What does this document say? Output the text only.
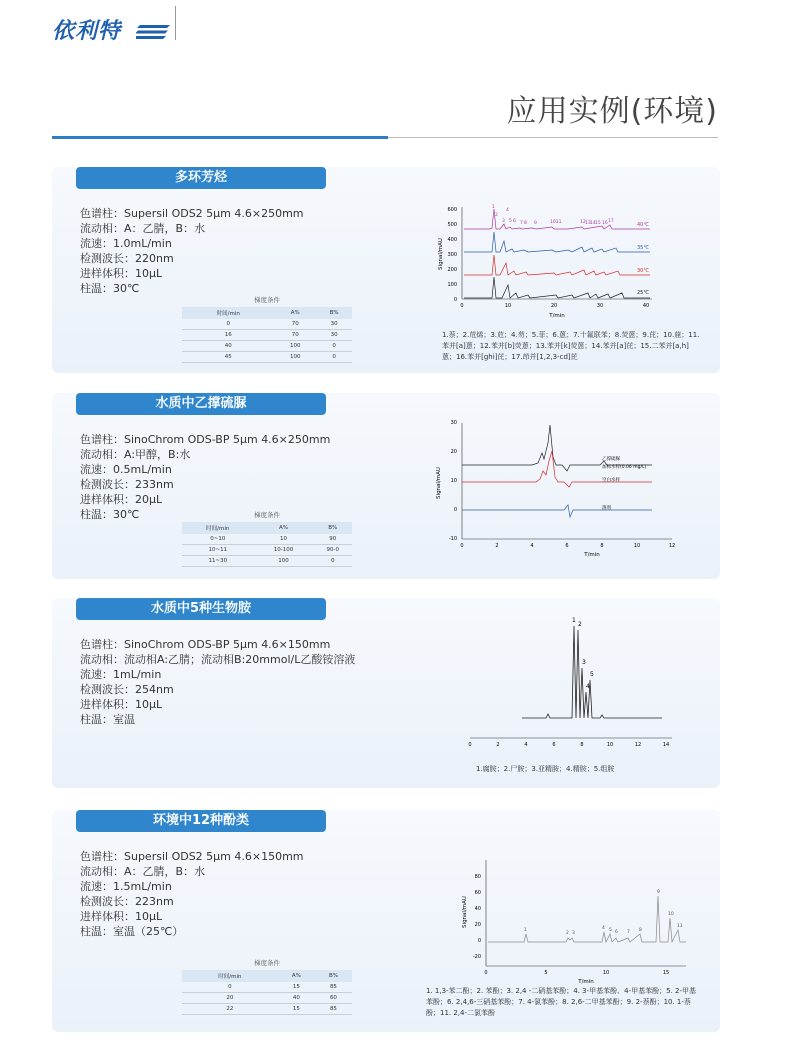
依利特
应用实例(环境)
多环芳烃
色谱柱：Supersil ODS2 5μm 4.6×250mm
流动相：A：乙腈，B：水
流速：1.0mL/min
检测波长：220nm
进样体积：10μL
柱温：30℃
梯度条件
时间/min	A%	B%
0	70	30
16	70	30
40	100	0
45	100	0
0
100
200
300
400
500
600
0	10	20	30	40
T/min
Signal/mAU
40℃
35℃
30℃
25℃
1
2
3
4
5 6 7 8 9	1011	12 13 14 15 16 17
1.萘；2.苊烯；3.苊；4.芴；5.菲；6.蒽；7.十氟联苯；8.荧蒽；9.芘；10.䓛；11.苯并[a]蒽；12.苯并[b]荧蒽；13.苯并[k]荧蒽；14.苯并[a]芘；15.二苯并[a,h]蒽；16.苯并[ghi]芘；17.茚并[1,2,3-cd]芘
水质中乙撑硫脲
色谱柱：SinoChrom ODS-BP 5μm 4.6×250mm
流动相：A:甲醇，B:水
流速：0.5mL/min
检测波长：233nm
进样体积：20μL
柱温：30℃	梯度条件
时间/min	A%	B%
0~10	10	90
10~11	10-100	90-0
11~30	100	0
-10
0
10
20
30
0	2	4	6	8	10	12
T/min
Signal/mAU
乙撑硫脲
加标水样(0.06 mg/L)
空白水样
溶剂
水质中5种生物胺
色谱柱：SinoChrom ODS-BP 5μm 4.6×150mm
流动相：流动相A:乙腈；流动相B:20mmol/L乙酸铵溶液
流速：1mL/min
检测波长：254nm
进样体积：10μL
柱温：室温
0	2	4	6	8	10	12	14
1
2
3
4
5
1.腐胺；2.尸胺；3.亚精胺；4.精胺；5.组胺
环境中12种酚类
色谱柱：Supersil ODS2 5μm 4.6×150mm
流动相：A：乙腈，B：水
流速：1.5mL/min
检测波长：223nm
进样体积：10μL
柱温：室温（25℃）
梯度条件
时间/min	A%	B%
0	15	85
20	40	60
22	15	85
-20
0
20
40
60
80
0	5	10	15
T/min
Signal/mAU
1
2 3
4 5 6 7 8
9
10
11
1. 1,3-苯二酚；2. 苯酚；3. 2,4 -二硝基苯酚；4. 3-甲基苯酚、4-甲基苯酚；5. 2-甲基苯酚；6. 2,4,6-三硝基苯酚；7. 4-氯苯酚；8. 2,6-二甲基苯酚；9. 2-萘酚；10. 1-萘酚；11. 2,4-二氯苯酚
